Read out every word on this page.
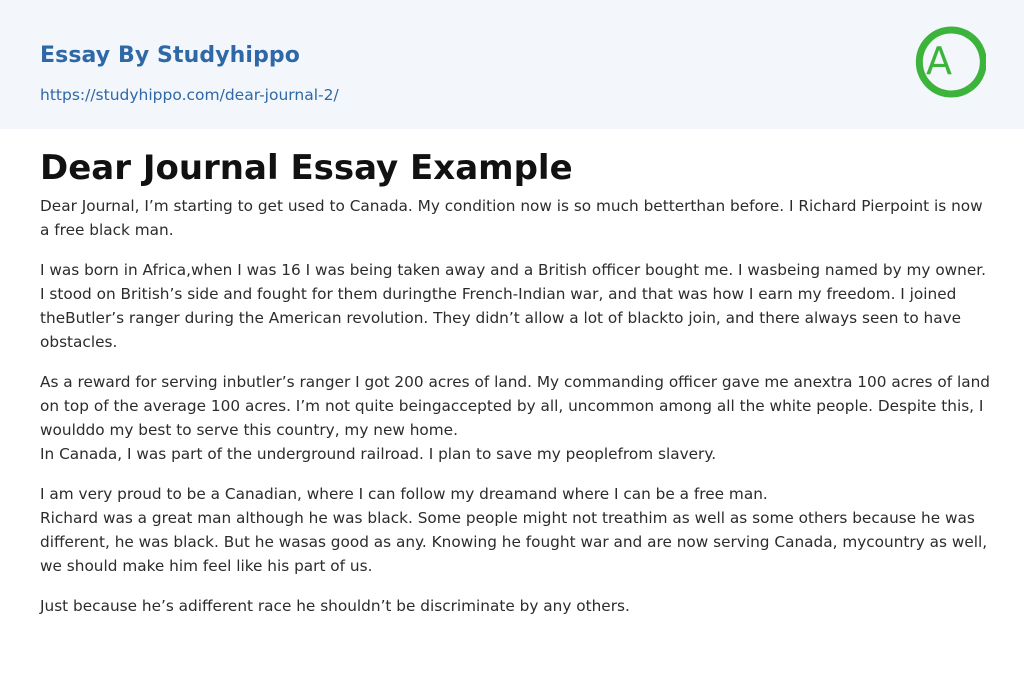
Essay By Studyhippo
https://studyhippo.com/dear-journal-2/
A
Dear Journal Essay Example

Dear Journal, I’m starting to get used to Canada. My condition now is so much betterthan before. I Richard Pierpoint is now a free black man.

I was born in Africa,when I was 16 I was being taken away and a British officer bought me. I wasbeing named by my owner. I stood on British’s side and fought for them duringthe French-Indian war, and that was how I earn my freedom. I joined theButler’s ranger during the American revolution. They didn’t allow a lot of blackto join, and there always seen to have obstacles.

As a reward for serving inbutler’s ranger I got 200 acres of land. My commanding officer gave me anextra 100 acres of land on top of the average 100 acres. I’m not quite beingaccepted by all, uncommon among all the white people. Despite this, I woulddo my best to serve this country, my new home.
In Canada, I was part of the underground railroad. I plan to save my peoplefrom slavery.

I am very proud to be a Canadian, where I can follow my dreamand where I can be a free man.
Richard was a great man although he was black. Some people might not treathim as well as some others because he was different, he was black. But he wasas good as any. Knowing he fought war and are now serving Canada, mycountry as well, we should make him feel like his part of us.

Just because he’s adifferent race he shouldn’t be discriminate by any others.
